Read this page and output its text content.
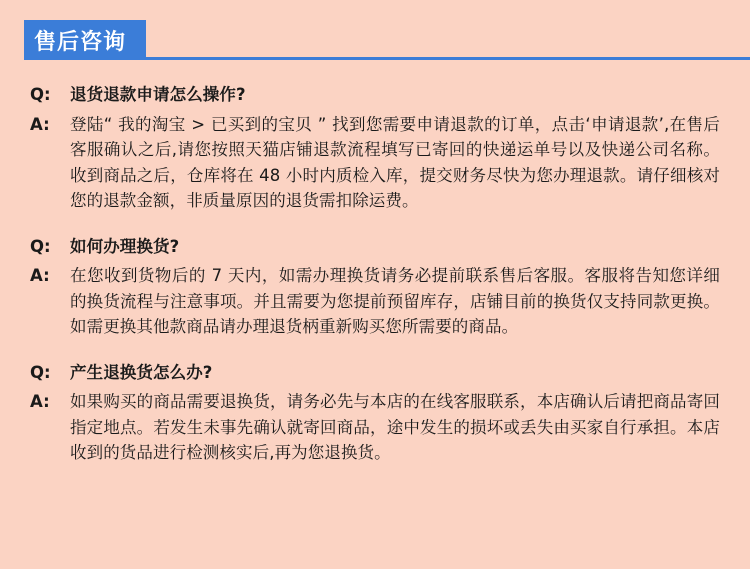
售后咨询
Q:	退货退款申请怎么操作?
A:	登陆“ 我的淘宝 > 已买到的宝贝 ” 找到您需要申请退款的订单，点击‘申请退款’,在售后客服确认之后,请您按照天猫店铺退款流程填写已寄回的快递运单号以及快递公司名称。收到商品之后，仓库将在 48 小时内质检入库，提交财务尽快为您办理退款。请仔细核对您的退款金额，非质量原因的退货需扣除运费。
Q:	如何办理换货?
A:	在您收到货物后的 7 天内，如需办理换货请务必提前联系售后客服。客服将告知您详细的换货流程与注意事项。并且需要为您提前预留库存，店铺目前的换货仅支持同款更换。如需更换其他款商品请办理退货柄重新购买您所需要的商品。
Q:	产生退换货怎么办?
A:	如果购买的商品需要退换货，请务必先与本店的在线客服联系，本店确认后请把商品寄回指定地点。若发生未事先确认就寄回商品，途中发生的损坏或丢失由买家自行承担。本店收到的货品进行检测核实后,再为您退换货。
